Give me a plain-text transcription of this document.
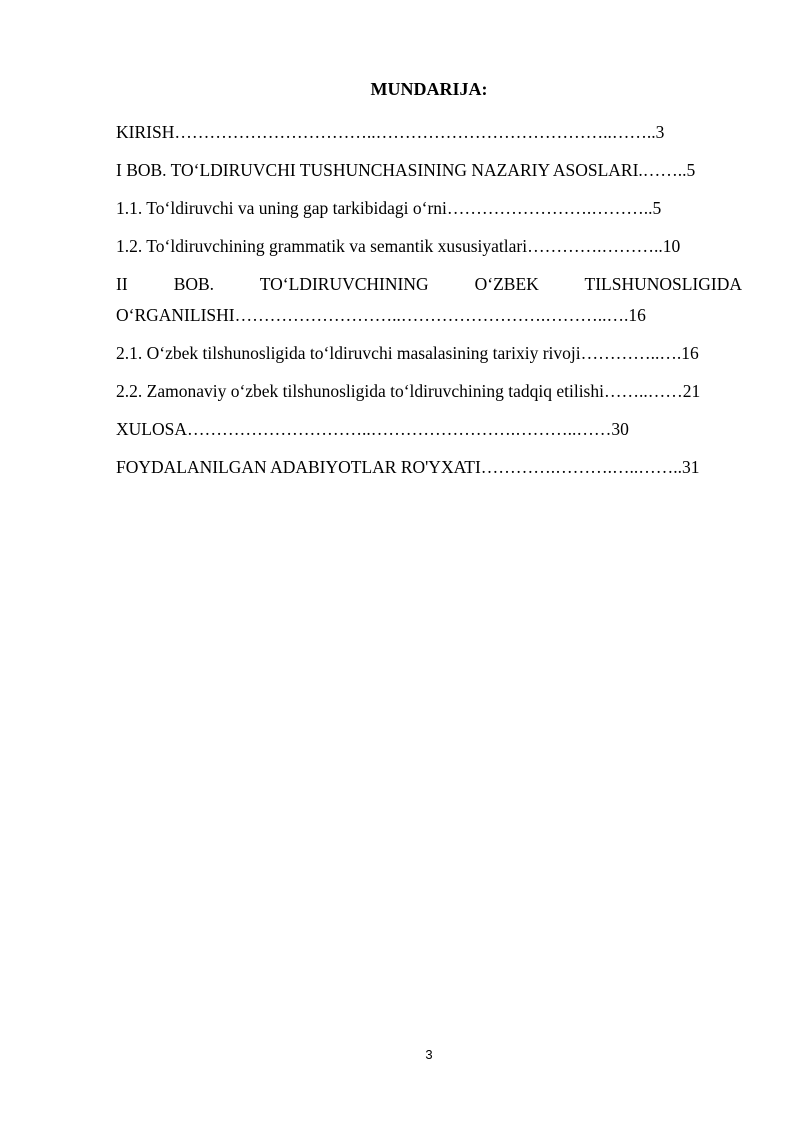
MUNDARIJA:
KIRISH……………………………..…………………………………..……..3
I BOB. TO‘LDIRUVCHI TUSHUNCHASINING NAZARIY ASOSLARI.……..5
1.1. To‘ldiruvchi va uning gap tarkibidagi o‘rni…………………….………..5
1.2. To‘ldiruvchining grammatik va semantik xususiyatlari………….………..10
II BOB. TO‘LDIRUVCHINING O‘ZBEK TILSHUNOSLIGIDA
O‘RGANILISHI………………………..…………………….………..….16
2.1. O‘zbek tilshunosligida to‘ldiruvchi masalasining tarixiy rivoji…………..….16
2.2. Zamonaviy o‘zbek tilshunosligida to‘ldiruvchining tadqiq etilishi……..……21
XULOSA…………………………..…………………….………..……30
FOYDALANILGAN ADABIYOTLAR RO'YXATI………….……….…..……..31
3
